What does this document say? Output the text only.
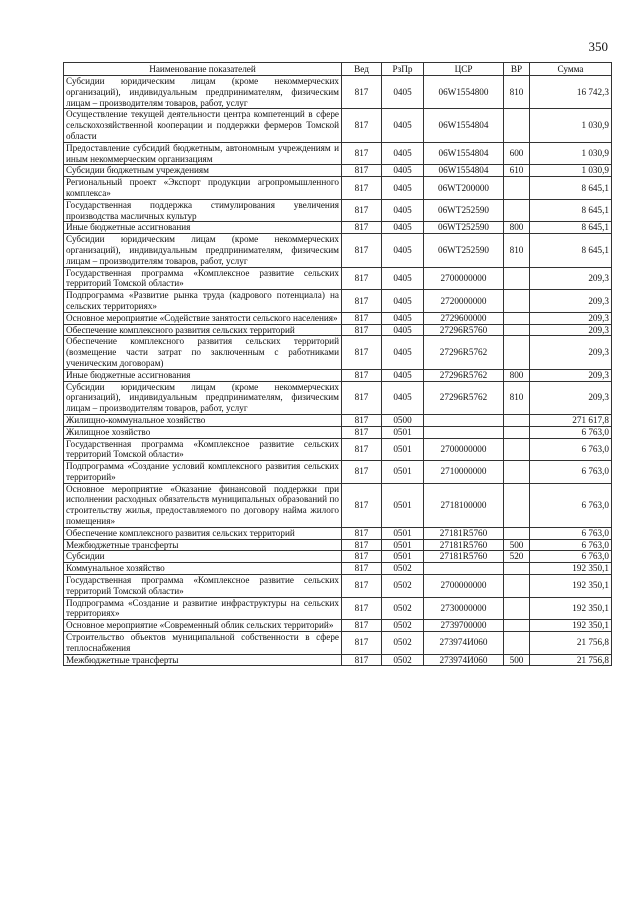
350
Наименование показателей	Вед	РзПр	ЦСР	ВР	Сумма
Субсидии юридическим лицам (кроме некоммерческих организаций), индивидуальным предпринимателям, физическим лицам – производителям товаров, работ, услуг	817	0405	06W1554800	810	16 742,3
Осуществление текущей деятельности центра компетенций в сфере сельскохозяйственной кооперации и поддержки фермеров Томской области	817	0405	06W1554804		1 030,9
Предоставление субсидий бюджетным, автономным учреждениям и иным некоммерческим организациям	817	0405	06W1554804	600	1 030,9
Субсидии бюджетным учреждениям	817	0405	06W1554804	610	1 030,9
Региональный проект «Экспорт продукции агропромышленного комплекса»	817	0405	06WT200000		8 645,1
Государственная поддержка стимулирования увеличения производства масличных культур	817	0405	06WT252590		8 645,1
Иные бюджетные ассигнования	817	0405	06WT252590	800	8 645,1
Субсидии юридическим лицам (кроме некоммерческих организаций), индивидуальным предпринимателям, физическим лицам – производителям товаров, работ, услуг	817	0405	06WT252590	810	8 645,1
Государственная программа «Комплексное развитие сельских территорий Томской области»	817	0405	2700000000		209,3
Подпрограмма «Развитие рынка труда (кадрового потенциала) на сельских территориях»	817	0405	2720000000		209,3
Основное мероприятие «Содействие занятости сельского населения»	817	0405	2729600000		209,3
Обеспечение комплексного развития сельских территорий	817	0405	27296R5760		209,3
Обеспечение комплексного развития сельских территорий (возмещение части затрат по заключенным с работниками ученическим договорам)	817	0405	27296R5762		209,3
Иные бюджетные ассигнования	817	0405	27296R5762	800	209,3
Субсидии юридическим лицам (кроме некоммерческих организаций), индивидуальным предпринимателям, физическим лицам – производителям товаров, работ, услуг	817	0405	27296R5762	810	209,3
Жилищно-коммунальное хозяйство	817	0500			271 617,8
Жилищное хозяйство	817	0501			6 763,0
Государственная программа «Комплексное развитие сельских территорий Томской области»	817	0501	2700000000		6 763,0
Подпрограмма «Создание условий комплексного развития сельских территорий»	817	0501	2710000000		6 763,0
Основное мероприятие «Оказание финансовой поддержки при исполнении расходных обязательств муниципальных образований по строительству жилья, предоставляемого по договору найма жилого помещения»	817	0501	2718100000		6 763,0
Обеспечение комплексного развития сельских территорий	817	0501	27181R5760		6 763,0
Межбюджетные трансферты	817	0501	27181R5760	500	6 763,0
Субсидии	817	0501	27181R5760	520	6 763,0
Коммунальное хозяйство	817	0502			192 350,1
Государственная программа «Комплексное развитие сельских территорий Томской области»	817	0502	2700000000		192 350,1
Подпрограмма «Создание и развитие инфраструктуры на сельских территориях»	817	0502	2730000000		192 350,1
Основное мероприятие «Современный облик сельских территорий»	817	0502	2739700000		192 350,1
Строительство объектов муниципальной собственности в сфере теплоснабжения	817	0502	273974И060		21 756,8
Межбюджетные трансферты	817	0502	273974И060	500	21 756,8
